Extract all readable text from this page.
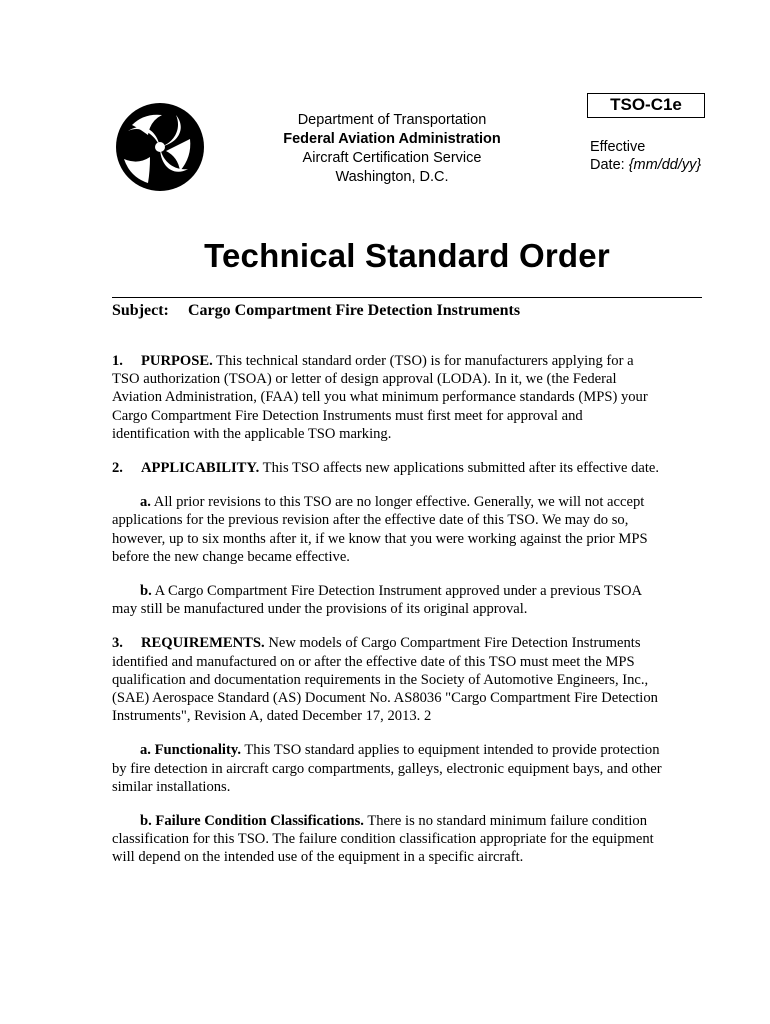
Department of Transportation
Federal Aviation Administration
Aircraft Certification Service
Washington, D.C.
TSO-C1e
Effective
Date: {mm/dd/yy}
Technical Standard Order
Subject: Cargo Compartment Fire Detection Instruments

1. PURPOSE. This technical standard order (TSO) is for manufacturers applying for a TSO authorization (TSOA) or letter of design approval (LODA). In it, we (the Federal Aviation Administration, (FAA) tell you what minimum performance standards (MPS) your Cargo Compartment Fire Detection Instruments must first meet for approval and identification with the applicable TSO marking.

2. APPLICABILITY. This TSO affects new applications submitted after its effective date.

a. All prior revisions to this TSO are no longer effective. Generally, we will not accept applications for the previous revision after the effective date of this TSO. We may do so, however, up to six months after it, if we know that you were working against the prior MPS before the new change became effective.

b. A Cargo Compartment Fire Detection Instrument approved under a previous TSOA may still be manufactured under the provisions of its original approval.

3. REQUIREMENTS. New models of Cargo Compartment Fire Detection Instruments identified and manufactured on or after the effective date of this TSO must meet the MPS qualification and documentation requirements in the Society of Automotive Engineers, Inc., (SAE) Aerospace Standard (AS) Document No. AS8036 "Cargo Compartment Fire Detection Instruments", Revision A, dated December 17, 2013. 2

a. Functionality. This TSO standard applies to equipment intended to provide protection by fire detection in aircraft cargo compartments, galleys, electronic equipment bays, and other similar installations.

b. Failure Condition Classifications. There is no standard minimum failure condition classification for this TSO. The failure condition classification appropriate for the equipment will depend on the intended use of the equipment in a specific aircraft.
